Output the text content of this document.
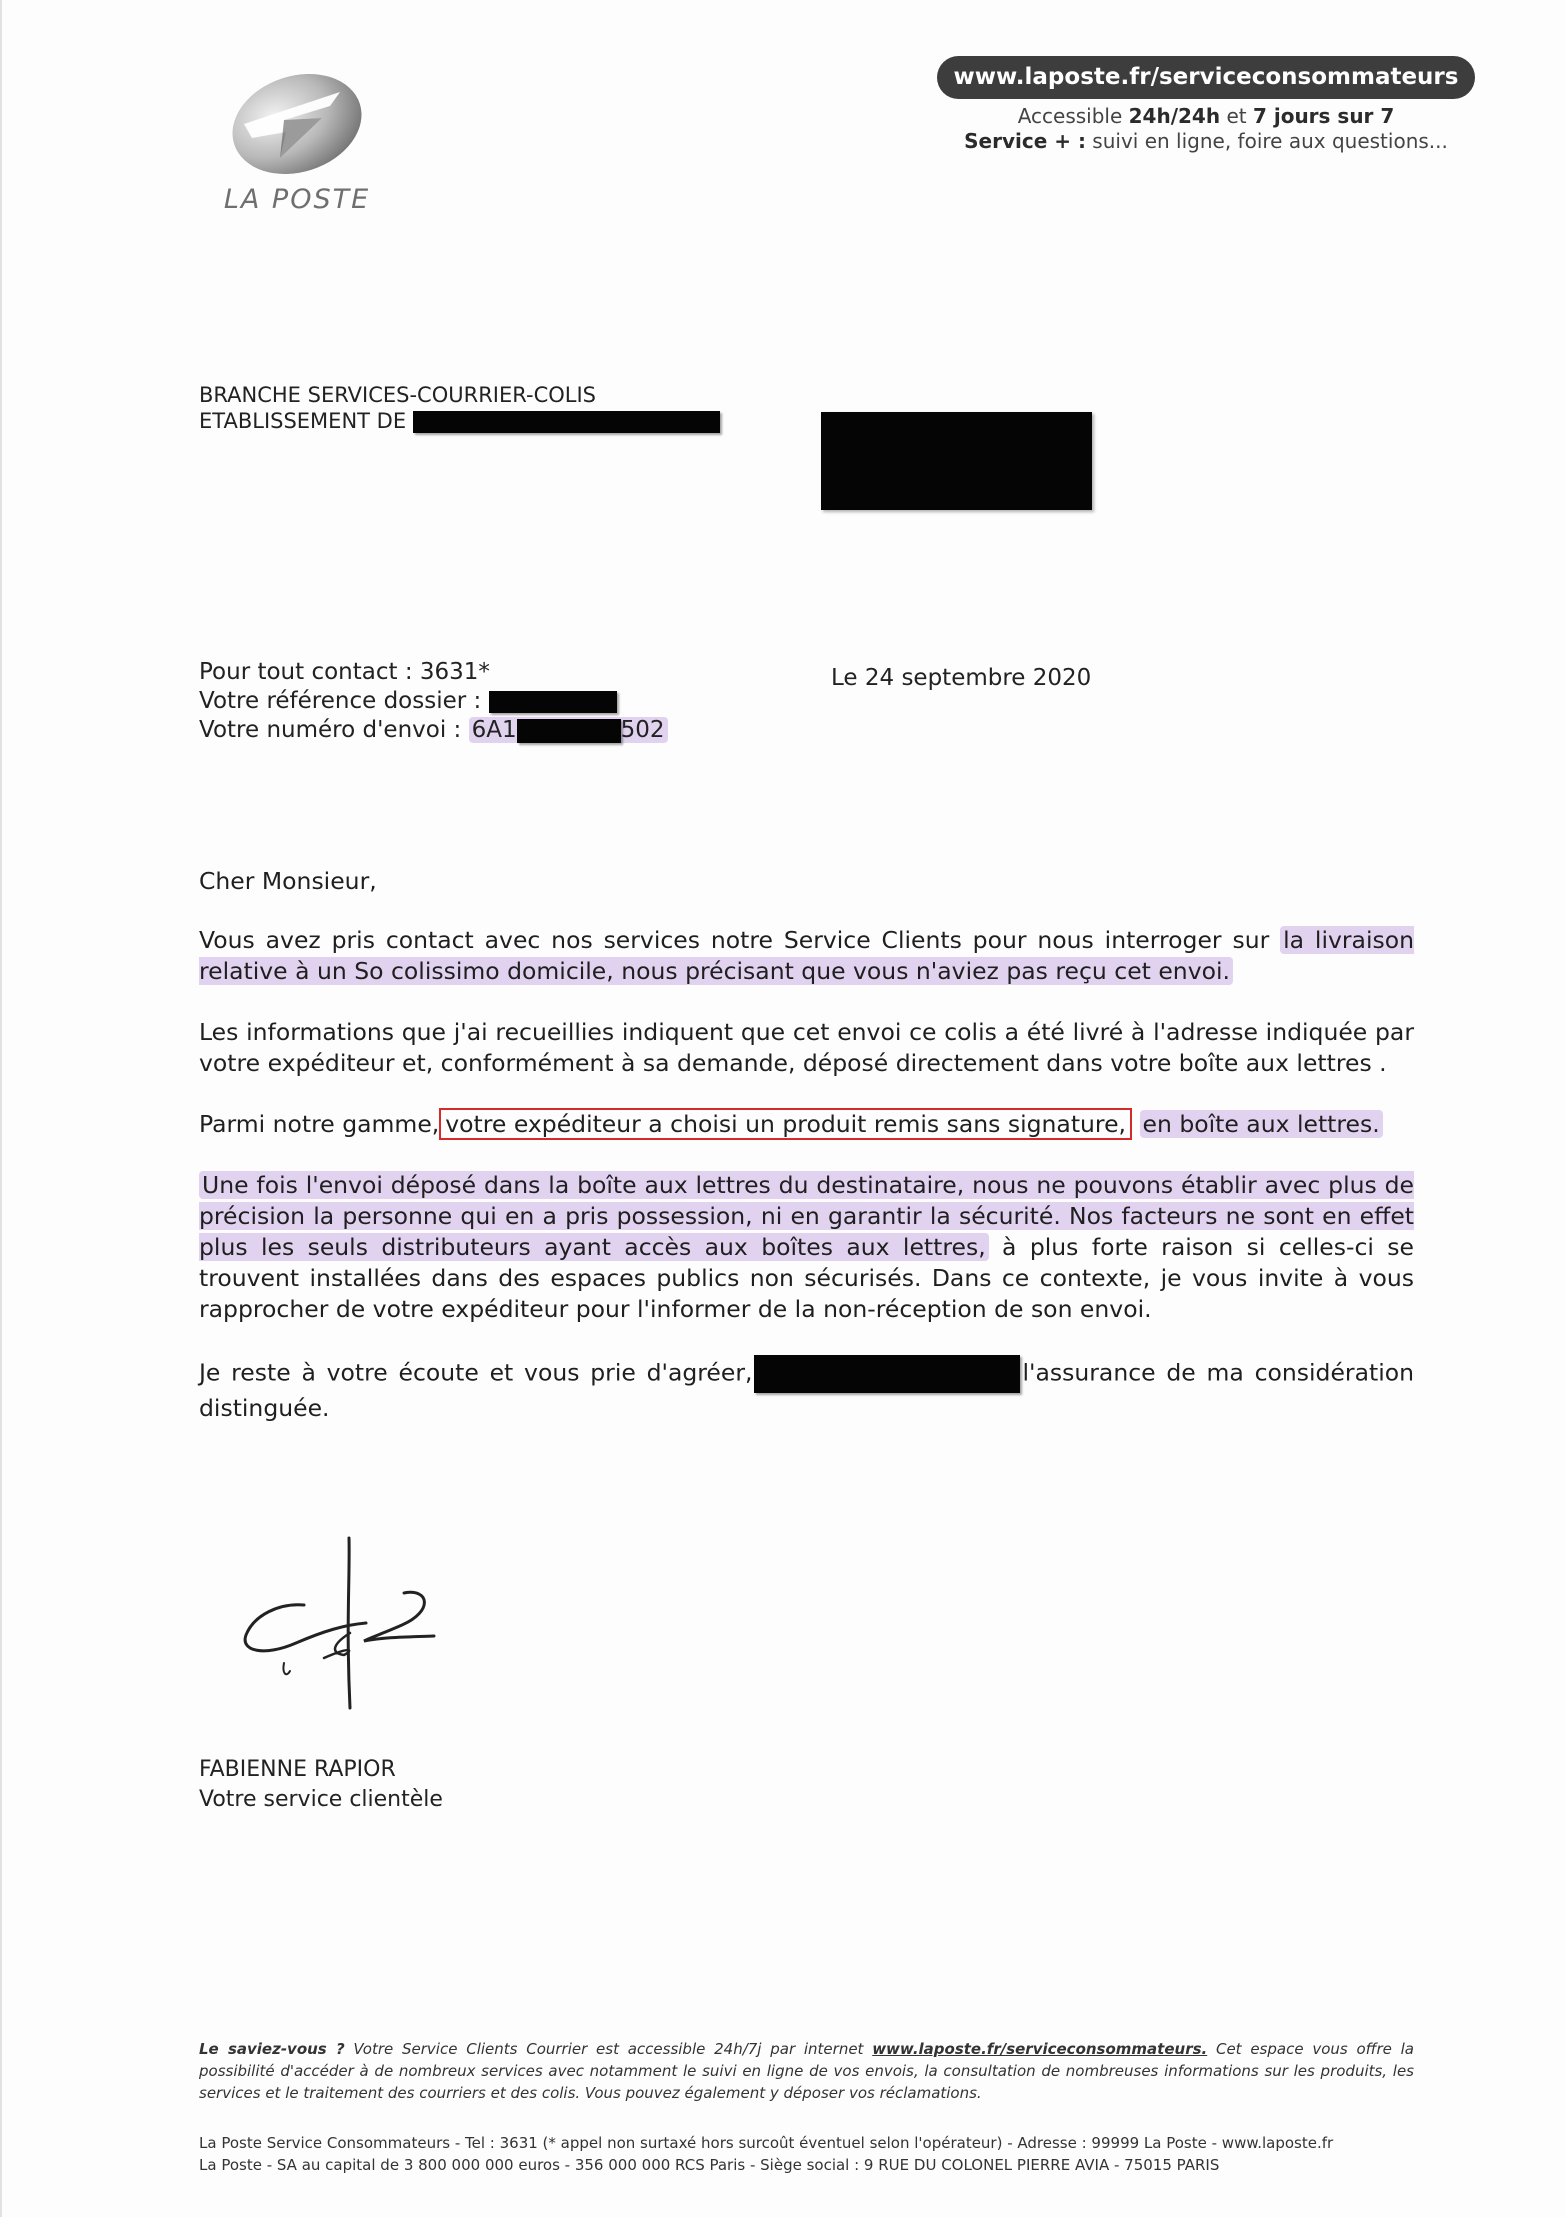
LA POSTE
www.laposte.fr/serviceconsommateurs
Accessible 24h/24h et 7 jours sur 7
Service + : suivi en ligne, foire aux questions...
BRANCHE SERVICES-COURRIER-COLIS
ETABLISSEMENT DE
Pour tout contact : 3631*
Votre référence dossier :
Votre numéro d'envoi : 6A1	502
Le 24 septembre 2020

Cher Monsieur,

Vous avez pris contact avec nos services notre Service Clients pour nous interroger sur la livraison relative à un So colissimo domicile, nous précisant que vous n'aviez pas reçu cet envoi.

Les informations que j'ai recueillies indiquent que cet envoi ce colis a été livré à l'adresse indiquée par votre expéditeur et, conformément à sa demande, déposé directement dans votre boîte aux lettres .

Parmi notre gamme, votre expéditeur a choisi un produit remis sans signature, en boîte aux lettres.

Une fois l'envoi déposé dans la boîte aux lettres du destinataire, nous ne pouvons établir avec plus de précision la personne qui en a pris possession, ni en garantir la sécurité. Nos facteurs ne sont en effet plus les seuls distributeurs ayant accès aux boîtes aux lettres, à plus forte raison si celles-ci se trouvent installées dans des espaces publics non sécurisés. Dans ce contexte, je vous invite à vous rapprocher de votre expéditeur pour l'informer de la non-réception de son envoi.

Je reste à votre écoute et vous prie d'agréer,	l'assurance de ma considération distinguée.

FABIENNE RAPIOR
Votre service clientèle
Le saviez-vous ? Votre Service Clients Courrier est accessible 24h/7j par internet www.laposte.fr/serviceconsommateurs. Cet espace vous offre la possibilité d'accéder à de nombreux services avec notamment le suivi en ligne de vos envois, la consultation de nombreuses informations sur les produits, les services et le traitement des courriers et des colis. Vous pouvez également y déposer vos réclamations.
La Poste Service Consommateurs - Tel : 3631 (* appel non surtaxé hors surcoût éventuel selon l'opérateur) - Adresse : 99999 La Poste - www.laposte.fr
La Poste - SA au capital de 3 800 000 000 euros - 356 000 000 RCS Paris - Siège social : 9 RUE DU COLONEL PIERRE AVIA - 75015 PARIS
